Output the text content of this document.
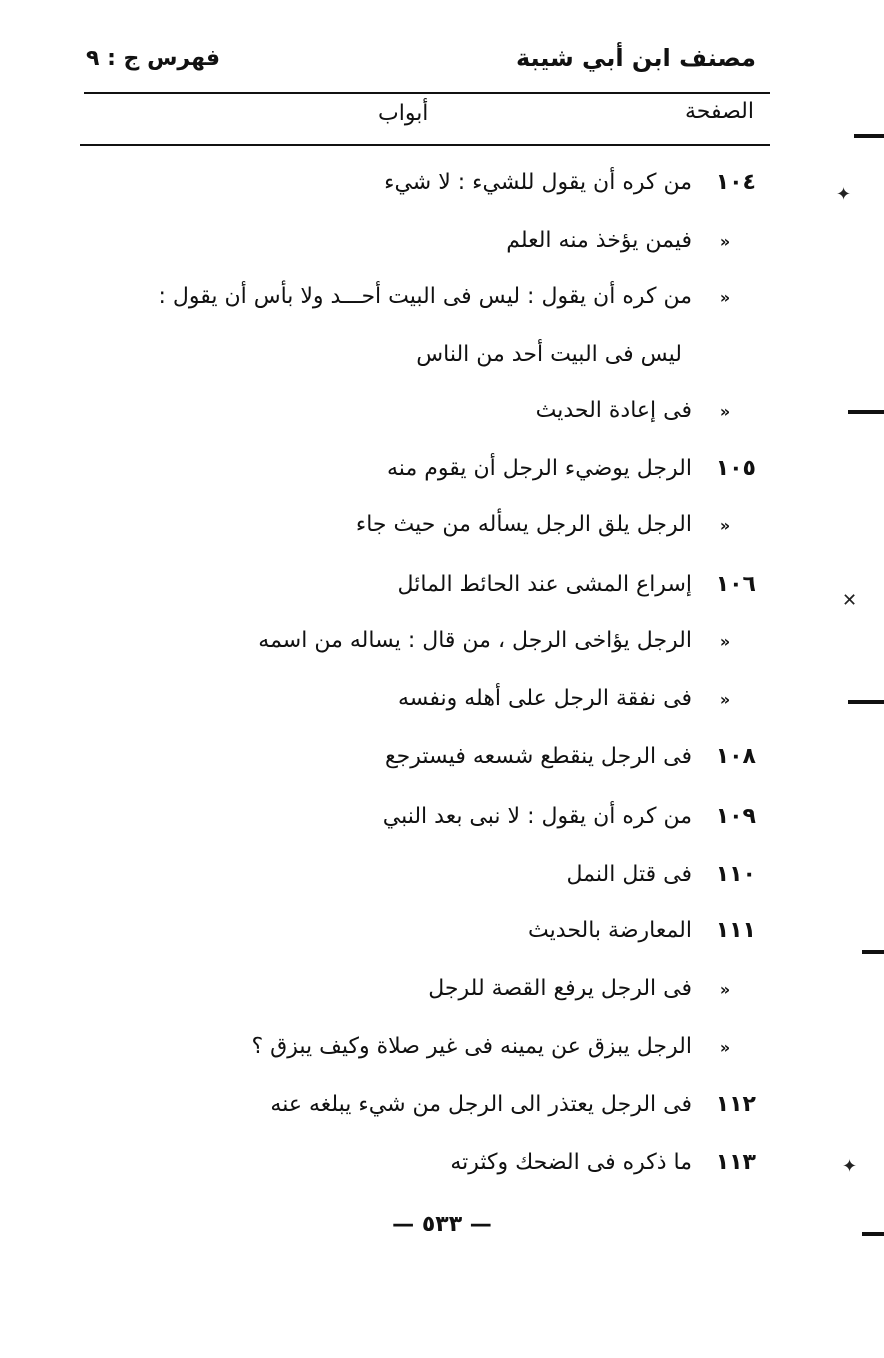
مصنف ابن أبي شيبة
فهرس ج : ٩
الصفحة
أبواب
١٠٤
من كره أن يقول للشيء : لا شيء
«
فيمن يؤخذ منه العلم
«
من كره أن يقول : ليس فى البيت أحـــد ولا بأس أن يقول :
ليس فى البيت أحد من الناس
«
فى إعادة الحديث
١٠٥
الرجل يوضيء الرجل أن يقوم منه
«
الرجل يلق الرجل يسأله من حيث جاء
١٠٦
إسراع المشى عند الحائط المائل
«
الرجل يؤاخى الرجل ، من قال : يساله من اسمه
«
فى نفقة الرجل على أهله ونفسه
١٠٨
فى الرجل ينقطع شسعه فيسترجع
١٠٩
من كره أن يقول : لا نبى بعد النبي
١١٠
فى قتل النمل
١١١
المعارضة بالحديث
«
فى الرجل يرفع القصة للرجل
«
الرجل يبزق عن يمينه فى غير صلاة وكيف يبزق ؟
١١٢
فى الرجل يعتذر الى الرجل من شيء يبلغه عنه
١١٣
ما ذكره فى الضحك وكثرته
— ٥٣٣ —
✦
✕
✦
